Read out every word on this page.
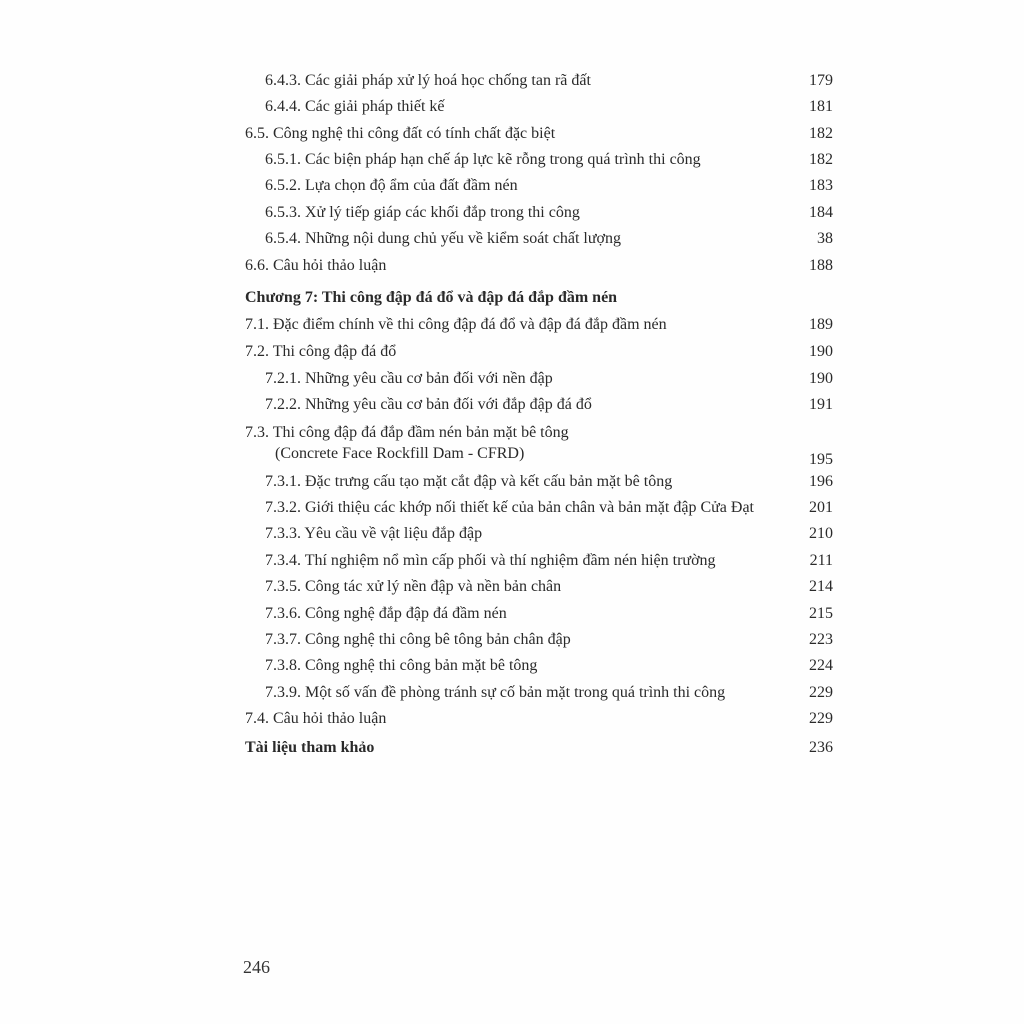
6.4.3. Các giải pháp xử lý hoá học chống tan rã đất	179
6.4.4. Các giải pháp thiết kế	181
6.5. Công nghệ thi công đất có tính chất đặc biệt	182
6.5.1. Các biện pháp hạn chế áp lực kẽ rỗng trong quá trình thi công	182
6.5.2. Lựa chọn độ ẩm của đất đầm nén	183
6.5.3. Xử lý tiếp giáp các khối đắp trong thi công	184
6.5.4. Những nội dung chủ yếu về kiểm soát chất lượng	38
6.6. Câu hỏi thảo luận	188
Chương 7: Thi công đập đá đổ và đập đá đắp đầm nén
7.1. Đặc điểm chính về thi công đập đá đổ và đập đá đắp đầm nén	189
7.2. Thi công đập đá đổ	190
7.2.1. Những yêu cầu cơ bản đối với nền đập	190
7.2.2. Những yêu cầu cơ bản đối với đắp đập đá đổ	191
7.3. Thi công đập đá đắp đầm nén bản mặt bê tông
(Concrete Face Rockfill Dam - CFRD)	195
7.3.1. Đặc trưng cấu tạo mặt cắt đập và kết cấu bản mặt bê tông	196
7.3.2. Giới thiệu các khớp nối thiết kế của bản chân và bản mặt đập Cửa Đạt	201
7.3.3. Yêu cầu về vật liệu đắp đập	210
7.3.4. Thí nghiệm nổ mìn cấp phối và thí nghiệm đầm nén hiện trường	211
7.3.5. Công tác xử lý nền đập và nền bản chân	214
7.3.6. Công nghệ đắp đập đá đầm nén	215
7.3.7. Công nghệ thi công bê tông bản chân đập	223
7.3.8. Công nghệ thi công bản mặt bê tông	224
7.3.9. Một số vấn đề phòng tránh sự cố bản mặt trong quá trình thi công	229
7.4. Câu hỏi thảo luận	229
Tài liệu tham khảo	236
246
